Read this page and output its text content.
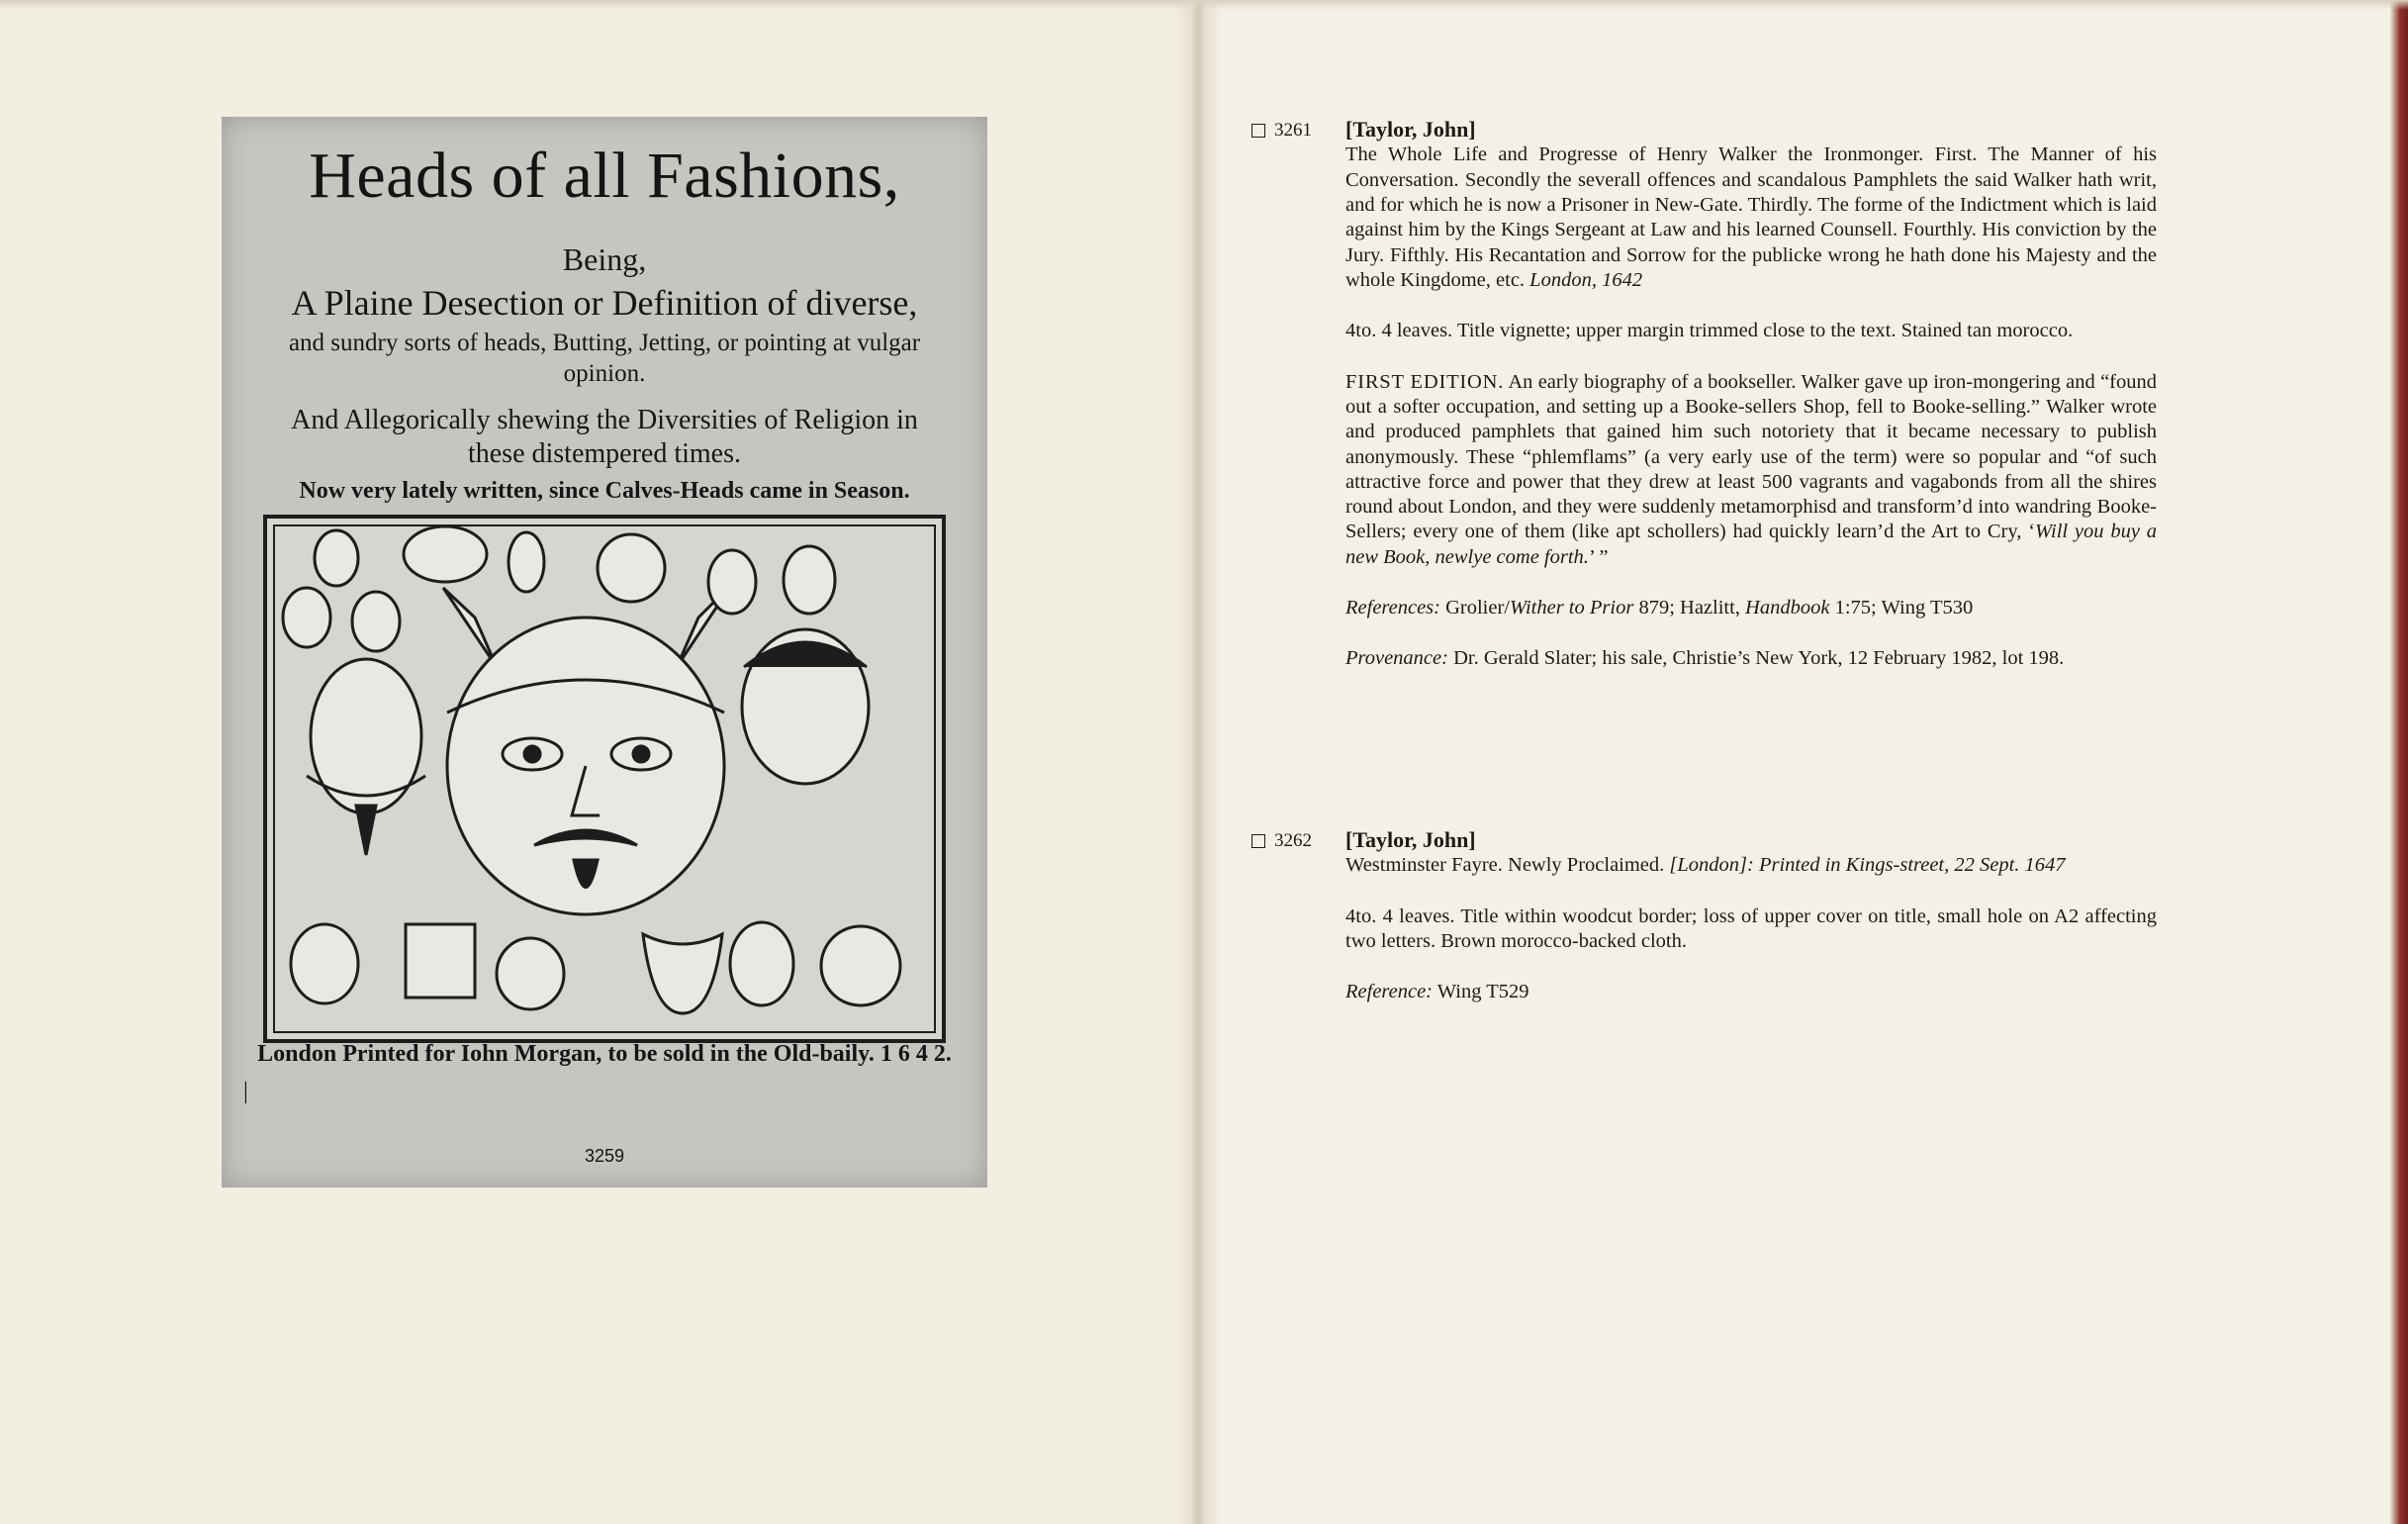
Heads of all Fashions,
Being,
A Plaine Desection or Definition of diverse,
and sundry sorts of heads, Butting, Jetting, or pointing at vulgar opinion.
And Allegorically shewing the Diversities of Religion in these distempered times.
Now very lately written, since Calves-Heads came in Season.
London Printed for Iohn Morgan, to be sold in the Old-baily. 1 6 4 2.
|
3259
3261 [Taylor, John]

The Whole Life and Progresse of Henry Walker the Ironmonger. First. The Manner of his Conversation. Secondly the severall offences and scandalous Pamphlets the said Walker hath writ, and for which he is now a Prisoner in New-Gate. Thirdly. The forme of the Indictment which is laid against him by the Kings Sergeant at Law and his learned Counsell. Fourthly. His conviction by the Jury. Fifthly. His Recantation and Sorrow for the publicke wrong he hath done his Majesty and the whole Kingdome, etc. London, 1642

4to. 4 leaves. Title vignette; upper margin trimmed close to the text. Stained tan morocco.

FIRST EDITION. An early biography of a bookseller. Walker gave up iron-mongering and “found out a softer occupation, and setting up a Booke-sellers Shop, fell to Booke-selling.” Walker wrote and produced pamphlets that gained him such notoriety that it became necessary to publish anonymously. These “phlemflams” (a very early use of the term) were so popular and “of such attractive force and power that they drew at least 500 vagrants and vagabonds from all the shires round about London, and they were suddenly metamorphisd and transform’d into wandring Booke-Sellers; every one of them (like apt schollers) had quickly learn’d the Art to Cry, ‘Will you buy a new Book, newlye come forth.’ ”

References: Grolier/Wither to Prior 879; Hazlitt, Handbook 1:75; Wing T530

Provenance: Dr. Gerald Slater; his sale, Christie’s New York, 12 February 1982, lot 198.

3262 [Taylor, John]

Westminster Fayre. Newly Proclaimed. [London]: Printed in Kings-street, 22 Sept. 1647

4to. 4 leaves. Title within woodcut border; loss of upper cover on title, small hole on A2 affecting two letters. Brown morocco-backed cloth.

Reference: Wing T529
